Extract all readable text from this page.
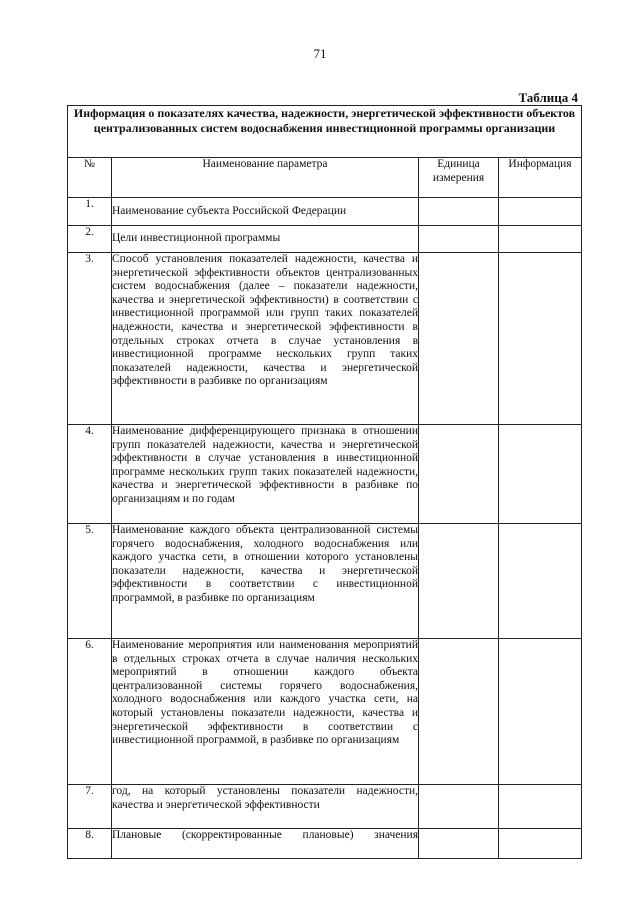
71
Таблица 4
Информация о показателях качества, надежности, энергетической эффективности объектов централизованных систем водоснабжения инвестиционной программы организации			
№	Наименование параметра	Единица измерения	Информация
1.	Наименование субъекта Российской Федерации		
2.	Цели инвестиционной программы		
3.	Способ установления показателей надежности, качества и энергетической эффективности объектов централизованных систем водоснабжения (далее – показатели надежности, качества и энергетической эффективности) в соответствии с инвестиционной программой или групп таких показателей надежности, качества и энергетической эффективности в отдельных строках отчета в случае установления в инвестиционной программе нескольких групп таких показателей надежности, качества и энергетической эффективности в разбивке по организациям		
4.	Наименование дифференцирующего признака в отношении групп показателей надежности, качества и энергетической эффективности в случае установления в инвестиционной программе нескольких групп таких показателей надежности, качества и энергетической эффективности в разбивке по организациям и по годам		
5.	Наименование каждого объекта централизованной системы горячего водоснабжения, холодного водоснабжения или каждого участка сети, в отношении которого установлены показатели надежности, качества и энергетической эффективности в соответствии с инвестиционной программой, в разбивке по организациям		
6.	Наименование мероприятия или наименования мероприятий в отдельных строках отчета в случае наличия нескольких мероприятий в отношении каждого объекта централизованной системы горячего водоснабжения, холодного водоснабжения или каждого участка сети, на который установлены показатели надежности, качества и энергетической эффективности в соответствии с инвестиционной программой, в разбивке по организациям		
7.	год, на который установлены показатели надежности, качества и энергетической эффективности		
8.	Плановые (скорректированные плановые) значения		
